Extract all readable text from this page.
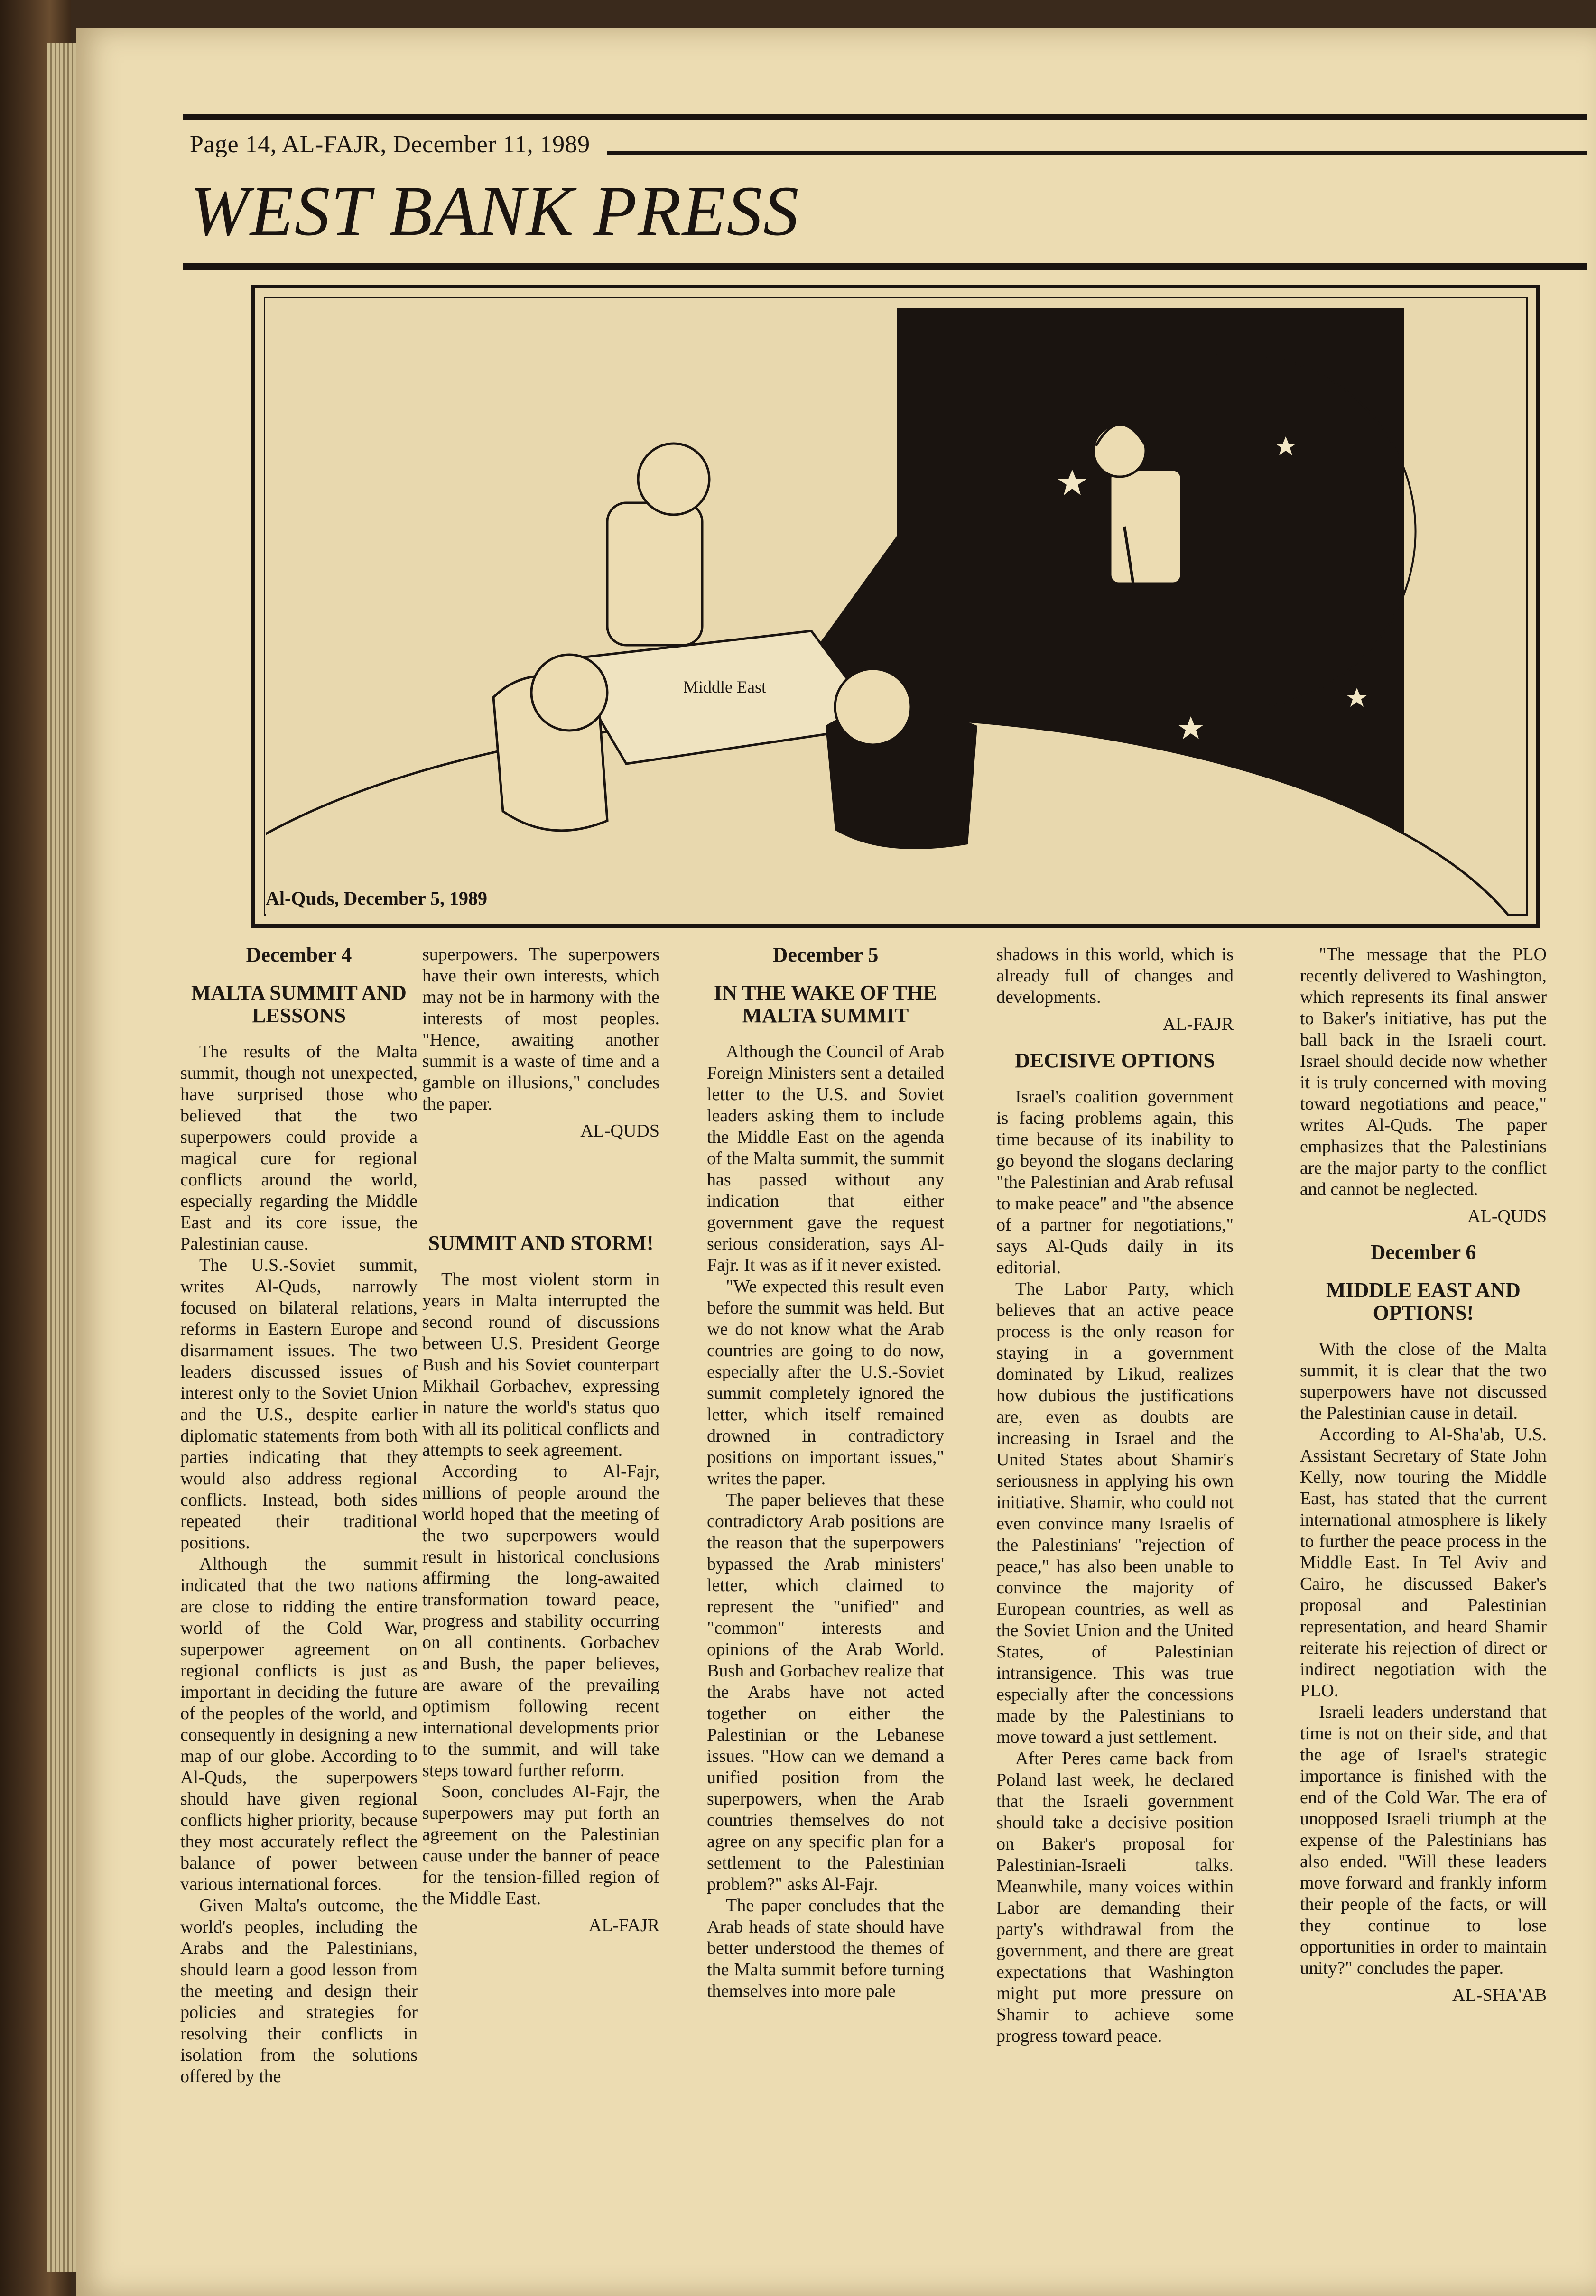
Page 14, AL-FAJR, December 11, 1989
WEST BANK PRESS
Middle East
Al-Quds, December 5, 1989

December 4

MALTA SUMMIT AND LESSONS

The results of the Malta summit, though not unexpected, have surprised those who believed that the two superpowers could provide a magical cure for regional conflicts around the world, especially regarding the Middle East and its core issue, the Palestinian cause.

The U.S.-Soviet summit, writes Al-Quds, narrowly focused on bilateral relations, reforms in Eastern Europe and disarmament issues. The two leaders discussed issues of interest only to the Soviet Union and the U.S., despite earlier diplomatic statements from both parties indicating that they would also address regional conflicts. Instead, both sides repeated their traditional positions.

Although the summit indicated that the two nations are close to ridding the entire world of the Cold War, superpower agreement on regional conflicts is just as important in deciding the future of the peoples of the world, and consequently in designing a new map of our globe. According to Al-Quds, the superpowers should have given regional conflicts higher priority, because they most accurately reflect the balance of power between various international forces.

Given Malta's outcome, the world's peoples, including the Arabs and the Palestinians, should learn a good lesson from the meeting and design their policies and strategies for resolving their conflicts in isolation from the solutions offered by the

superpowers. The superpowers have their own interests, which may not be in harmony with the interests of most peoples. "Hence, awaiting another summit is a waste of time and a gamble on illusions," concludes the paper.

AL-QUDS

SUMMIT AND STORM!

The most violent storm in years in Malta interrupted the second round of discussions between U.S. President George Bush and his Soviet counterpart Mikhail Gorbachev, expressing in nature the world's status quo with all its political conflicts and attempts to seek agreement.

According to Al-Fajr, millions of people around the world hoped that the meeting of the two superpowers would result in historical conclusions affirming the long-awaited transformation toward peace, progress and stability occurring on all continents. Gorbachev and Bush, the paper believes, are aware of the prevailing optimism following recent international developments prior to the summit, and will take steps toward further reform.

Soon, concludes Al-Fajr, the superpowers may put forth an agreement on the Palestinian cause under the banner of peace for the tension-filled region of the Middle East.

AL-FAJR

December 5

IN THE WAKE OF THE MALTA SUMMIT

Although the Council of Arab Foreign Ministers sent a detailed letter to the U.S. and Soviet leaders asking them to include the Middle East on the agenda of the Malta summit, the summit has passed without any indication that either government gave the request serious consideration, says Al-Fajr. It was as if it never existed.

"We expected this result even before the summit was held. But we do not know what the Arab countries are going to do now, especially after the U.S.-Soviet summit completely ignored the letter, which itself remained drowned in contradictory positions on important issues," writes the paper.

The paper believes that these contradictory Arab positions are the reason that the superpowers bypassed the Arab ministers' letter, which claimed to represent the "unified" and "common" interests and opinions of the Arab World. Bush and Gorbachev realize that the Arabs have not acted together on either the Palestinian or the Lebanese issues. "How can we demand a unified position from the superpowers, when the Arab countries themselves do not agree on any specific plan for a settlement to the Palestinian problem?" asks Al-Fajr.

The paper concludes that the Arab heads of state should have better understood the themes of the Malta summit before turning themselves into more pale

shadows in this world, which is already full of changes and developments.

AL-FAJR

DECISIVE OPTIONS

Israel's coalition government is facing problems again, this time because of its inability to go beyond the slogans declaring "the Palestinian and Arab refusal to make peace" and "the absence of a partner for negotiations," says Al-Quds daily in its editorial.

The Labor Party, which believes that an active peace process is the only reason for staying in a government dominated by Likud, realizes how dubious the justifications are, even as doubts are increasing in Israel and the United States about Shamir's seriousness in applying his own initiative. Shamir, who could not even convince many Israelis of the Palestinians' "rejection of peace," has also been unable to convince the majority of European countries, as well as the Soviet Union and the United States, of Palestinian intransigence. This was true especially after the concessions made by the Palestinians to move toward a just settlement.

After Peres came back from Poland last week, he declared that the Israeli government should take a decisive position on Baker's proposal for Palestinian-Israeli talks. Meanwhile, many voices within Labor are demanding their party's withdrawal from the government, and there are great expectations that Washington might put more pressure on Shamir to achieve some progress toward peace.

"The message that the PLO recently delivered to Washington, which represents its final answer to Baker's initiative, has put the ball back in the Israeli court. Israel should decide now whether it is truly concerned with moving toward negotiations and peace," writes Al-Quds. The paper emphasizes that the Palestinians are the major party to the conflict and cannot be neglected.

AL-QUDS

December 6

MIDDLE EAST AND OPTIONS!

With the close of the Malta summit, it is clear that the two superpowers have not discussed the Palestinian cause in detail.

According to Al-Sha'ab, U.S. Assistant Secretary of State John Kelly, now touring the Middle East, has stated that the current international atmosphere is likely to further the peace process in the Middle East. In Tel Aviv and Cairo, he discussed Baker's proposal and Palestinian representation, and heard Shamir reiterate his rejection of direct or indirect negotiation with the PLO.

Israeli leaders understand that time is not on their side, and that the age of Israel's strategic importance is finished with the end of the Cold War. The era of unopposed Israeli triumph at the expense of the Palestinians has also ended. "Will these leaders move forward and frankly inform their people of the facts, or will they continue to lose opportunities in order to maintain unity?" concludes the paper.

AL-SHA'AB
